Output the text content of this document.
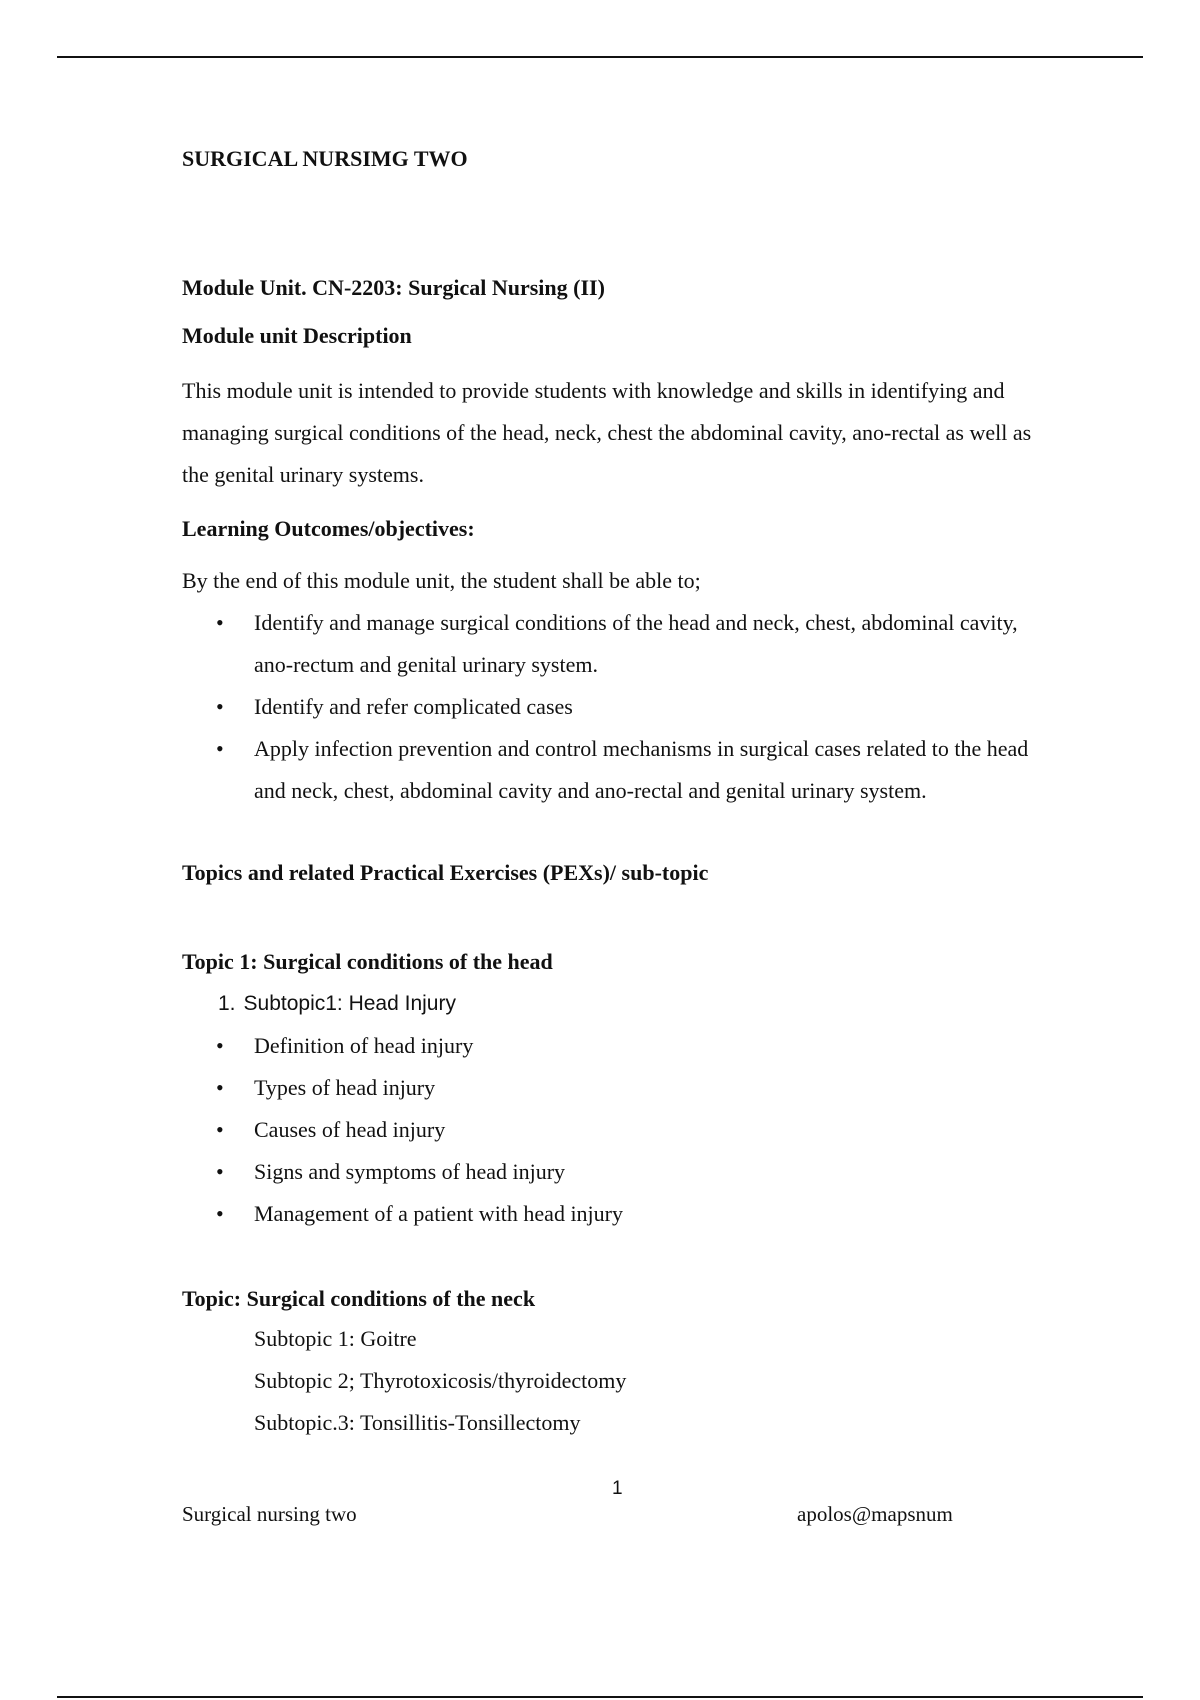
SURGICAL NURSIMG TWO

Module Unit. CN-2203: Surgical Nursing (II)

Module unit Description

This module unit is intended to provide students with knowledge and skills in identifying and managing surgical conditions of the head, neck, chest the abdominal cavity, ano-rectal as well as the genital urinary systems.

Learning Outcomes/objectives:

By the end of this module unit, the student shall be able to;

• Identify and manage surgical conditions of the head and neck, chest, abdominal cavity, ano-rectum and genital urinary system.
• Identify and refer complicated cases
• Apply infection prevention and control mechanisms in surgical cases related to the head and neck, chest, abdominal cavity and ano-rectal and genital urinary system.

Topics and related Practical Exercises (PEXs)/ sub-topic

Topic 1: Surgical conditions of the head

1. Subtopic1: Head Injury

• Definition of head injury
• Types of head injury
• Causes of head injury
• Signs and symptoms of head injury
• Management of a patient with head injury

Topic: Surgical conditions of the neck

Subtopic 1: Goitre

Subtopic 2; Thyrotoxicosis/thyroidectomy

Subtopic.3: Tonsillitis-Tonsillectomy

1
Surgical nursing two	apolos@mapsnum
